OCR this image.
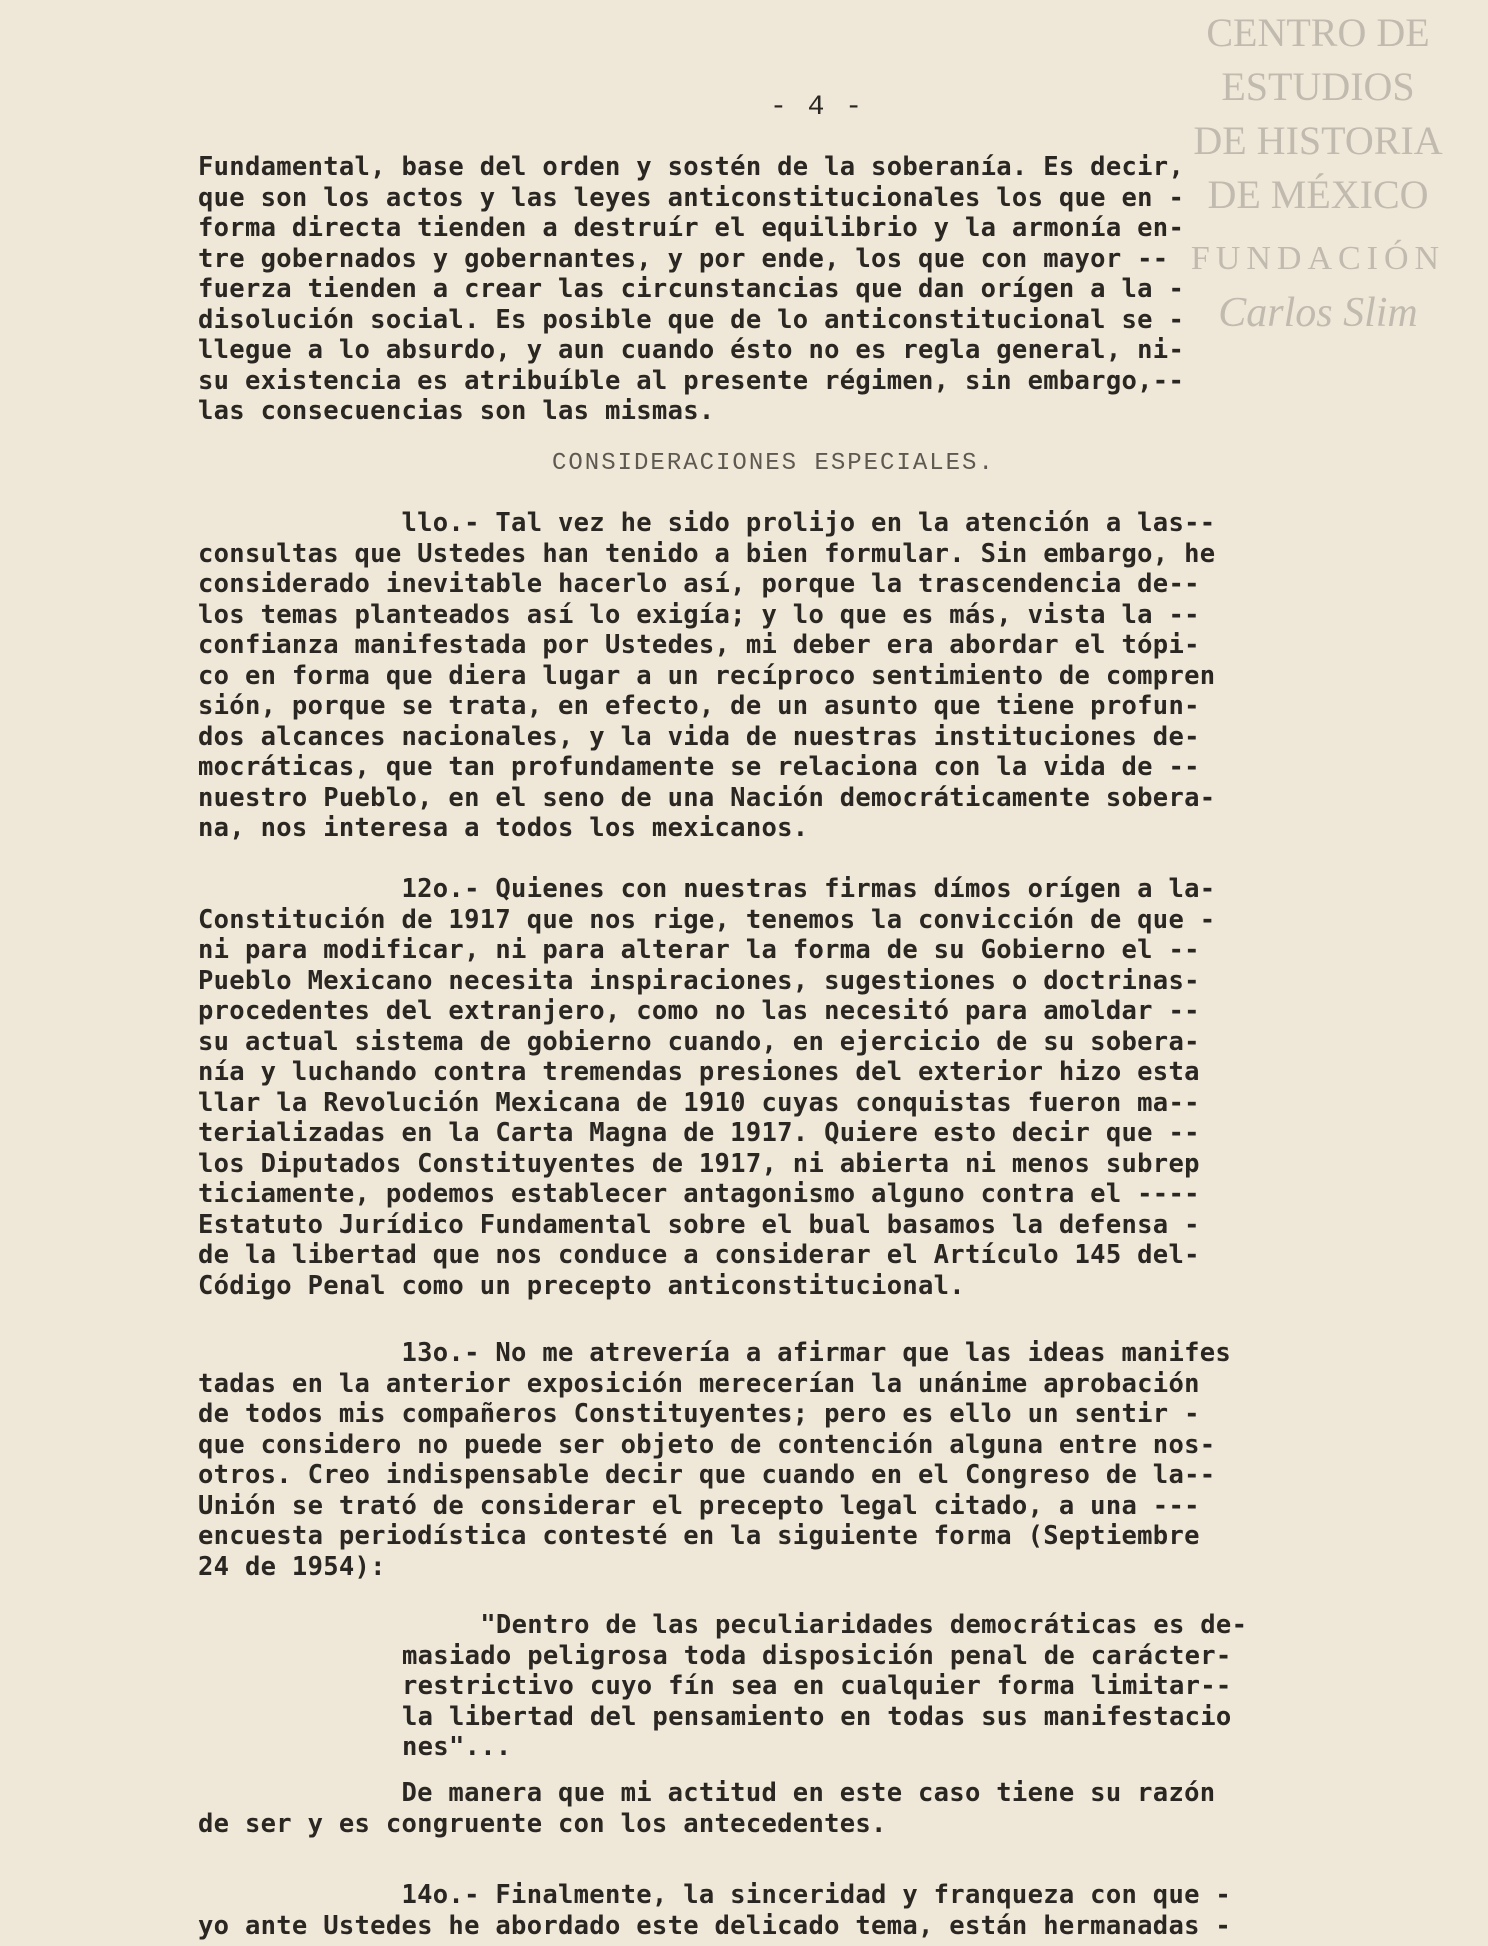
CENTRO DE
ESTUDIOS
DE HISTORIA
DE MÉXICO
FUNDACIÓN
Carlos Slim
- 4 -
Fundamental, base del orden y sostén de la soberanía. Es decir,
que son los actos y las leyes anticonstitucionales los que en -
forma directa tienden a destruír el equilibrio y la armonía en-
tre gobernados y gobernantes, y por ende, los que con mayor --
fuerza tienden a crear las circunstancias que dan orígen a la -
disolución social. Es posible que de lo anticonstitucional se -
llegue a lo absurdo, y aun cuando ésto no es regla general, ni-
su existencia es atribuíble al presente régimen, sin embargo,--
las consecuencias son las mismas.
CONSIDERACIONES ESPECIALES.
llo.- Tal vez he sido prolijo en la atención a las--
consultas que Ustedes han tenido a bien formular. Sin embargo, he
considerado inevitable hacerlo así, porque la trascendencia de--
los temas planteados así lo exigía; y lo que es más, vista la --
confianza manifestada por Ustedes, mi deber era abordar el tópi-
co en forma que diera lugar a un recíproco sentimiento de compren
sión, porque se trata, en efecto, de un asunto que tiene profun-
dos alcances nacionales, y la vida de nuestras instituciones de-
mocráticas, que tan profundamente se relaciona con la vida de --
nuestro Pueblo, en el seno de una Nación democráticamente sobera-
na, nos interesa a todos los mexicanos.
12o.- Quienes con nuestras firmas dímos orígen a la-
Constitución de 1917 que nos rige, tenemos la convicción de que -
ni para modificar, ni para alterar la forma de su Gobierno el --
Pueblo Mexicano necesita inspiraciones, sugestiones o doctrinas-
procedentes del extranjero, como no las necesitó para amoldar --
su actual sistema de gobierno cuando, en ejercicio de su sobera-
nía y luchando contra tremendas presiones del exterior hizo esta
llar la Revolución Mexicana de 1910 cuyas conquistas fueron ma--
terializadas en la Carta Magna de 1917. Quiere esto decir que --
los Diputados Constituyentes de 1917, ni abierta ni menos subrep
ticiamente, podemos establecer antagonismo alguno contra el ----
Estatuto Jurídico Fundamental sobre el bual basamos la defensa -
de la libertad que nos conduce a considerar el Artículo 145 del-
Código Penal como un precepto anticonstitucional.
13o.- No me atrevería a afirmar que las ideas manifes
tadas en la anterior exposición merecerían la unánime aprobación
de todos mis compañeros Constituyentes; pero es ello un sentir -
que considero no puede ser objeto de contención alguna entre nos-
otros. Creo indispensable decir que cuando en el Congreso de la--
Unión se trató de considerar el precepto legal citado, a una ---
encuesta periodística contesté en la siguiente forma (Septiembre
24 de 1954):
"Dentro de las peculiaridades democráticas es de-
masiado peligrosa toda disposición penal de carácter-
restrictivo cuyo fín sea en cualquier forma limitar--
la libertad del pensamiento en todas sus manifestacio
nes"...
De manera que mi actitud en este caso tiene su razón
de ser y es congruente con los antecedentes.
14o.- Finalmente, la sinceridad y franqueza con que -
yo ante Ustedes he abordado este delicado tema, están hermanadas -
